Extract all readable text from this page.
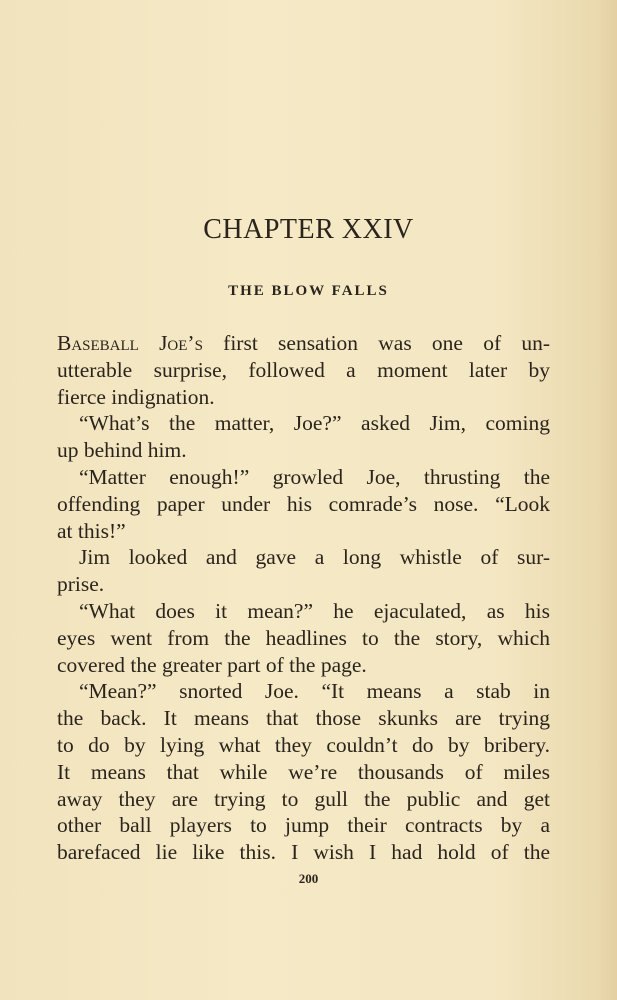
CHAPTER XXIV
THE BLOW FALLS
Baseball Joe’s first sensation was one of un-
utterable surprise, followed a moment later by
fierce indignation.
“What’s the matter, Joe?” asked Jim, coming
up behind him.
“Matter enough!” growled Joe, thrusting the
offending paper under his comrade’s nose. “Look
at this!”
Jim looked and gave a long whistle of sur-
prise.
“What does it mean?” he ejaculated, as his
eyes went from the headlines to the story, which
covered the greater part of the page.
“Mean?” snorted Joe. “It means a stab in
the back. It means that those skunks are trying
to do by lying what they couldn’t do by bribery.
It means that while we’re thousands of miles
away they are trying to gull the public and get
other ball players to jump their contracts by a
barefaced lie like this. I wish I had hold of the
200
